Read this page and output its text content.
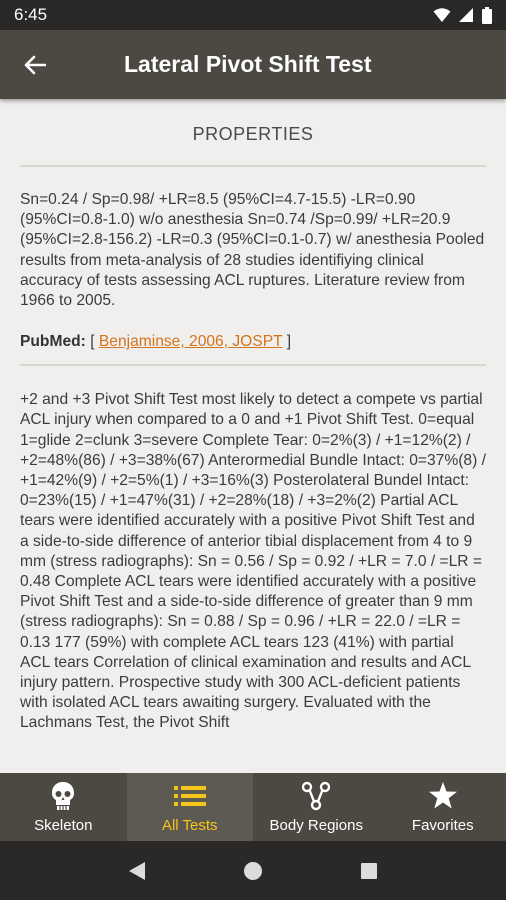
6:45
Lateral Pivot Shift Test
PROPERTIES

Sn=0.24 / Sp=0.98/ +LR=8.5 (95%CI=4.7-15.5) -LR=0.90 (95%CI=0.8-1.0) w/o anesthesia Sn=0.74 /Sp=0.99/ +LR=20.9 (95%CI=2.8-156.2) -LR=0.3 (95%CI=0.1-0.7) w/ anesthesia Pooled results from meta-analysis of 28 studies identifiying clinical accuracy of tests assessing ACL ruptures. Literature review from 1966 to 2005.

PubMed: [ Benjaminse, 2006, JOSPT ]

+2 and +3 Pivot Shift Test most likely to detect a compete vs partial ACL injury when compared to a 0 and +1 Pivot Shift Test. 0=equal 1=glide 2=clunk 3=severe Complete Tear: 0=2%(3) / +1=12%(2) / +2=48%(86) / +3=38%(67) Anterormedial Bundle Intact: 0=37%(8) / +1=42%(9) / +2=5%(1) / +3=16%(3) Posterolateral Bundel Intact: 0=23%(15) / +1=47%(31) / +2=28%(18) / +3=2%(2) Partial ACL tears were identified accurately with a positive Pivot Shift Test and a side-to-side difference of anterior tibial displacement from 4 to 9 mm (stress radiographs): Sn = 0.56 / Sp = 0.92 / +LR = 7.0 / =LR = 0.48 Complete ACL tears were identified accurately with a positive Pivot Shift Test and a side-to-side difference of greater than 9 mm (stress radiographs): Sn = 0.88 / Sp = 0.96 / +LR = 22.0 / =LR = 0.13 177 (59%) with complete ACL tears 123 (41%) with partial ACL tears Correlation of clinical examination and results and ACL injury pattern. Prospective study with 300 ACL-deficient patients with isolated ACL tears awaiting surgery. Evaluated with the Lachmans Test, the Pivot Shift

Skeleton	All Tests	Body Regions	Favorites
